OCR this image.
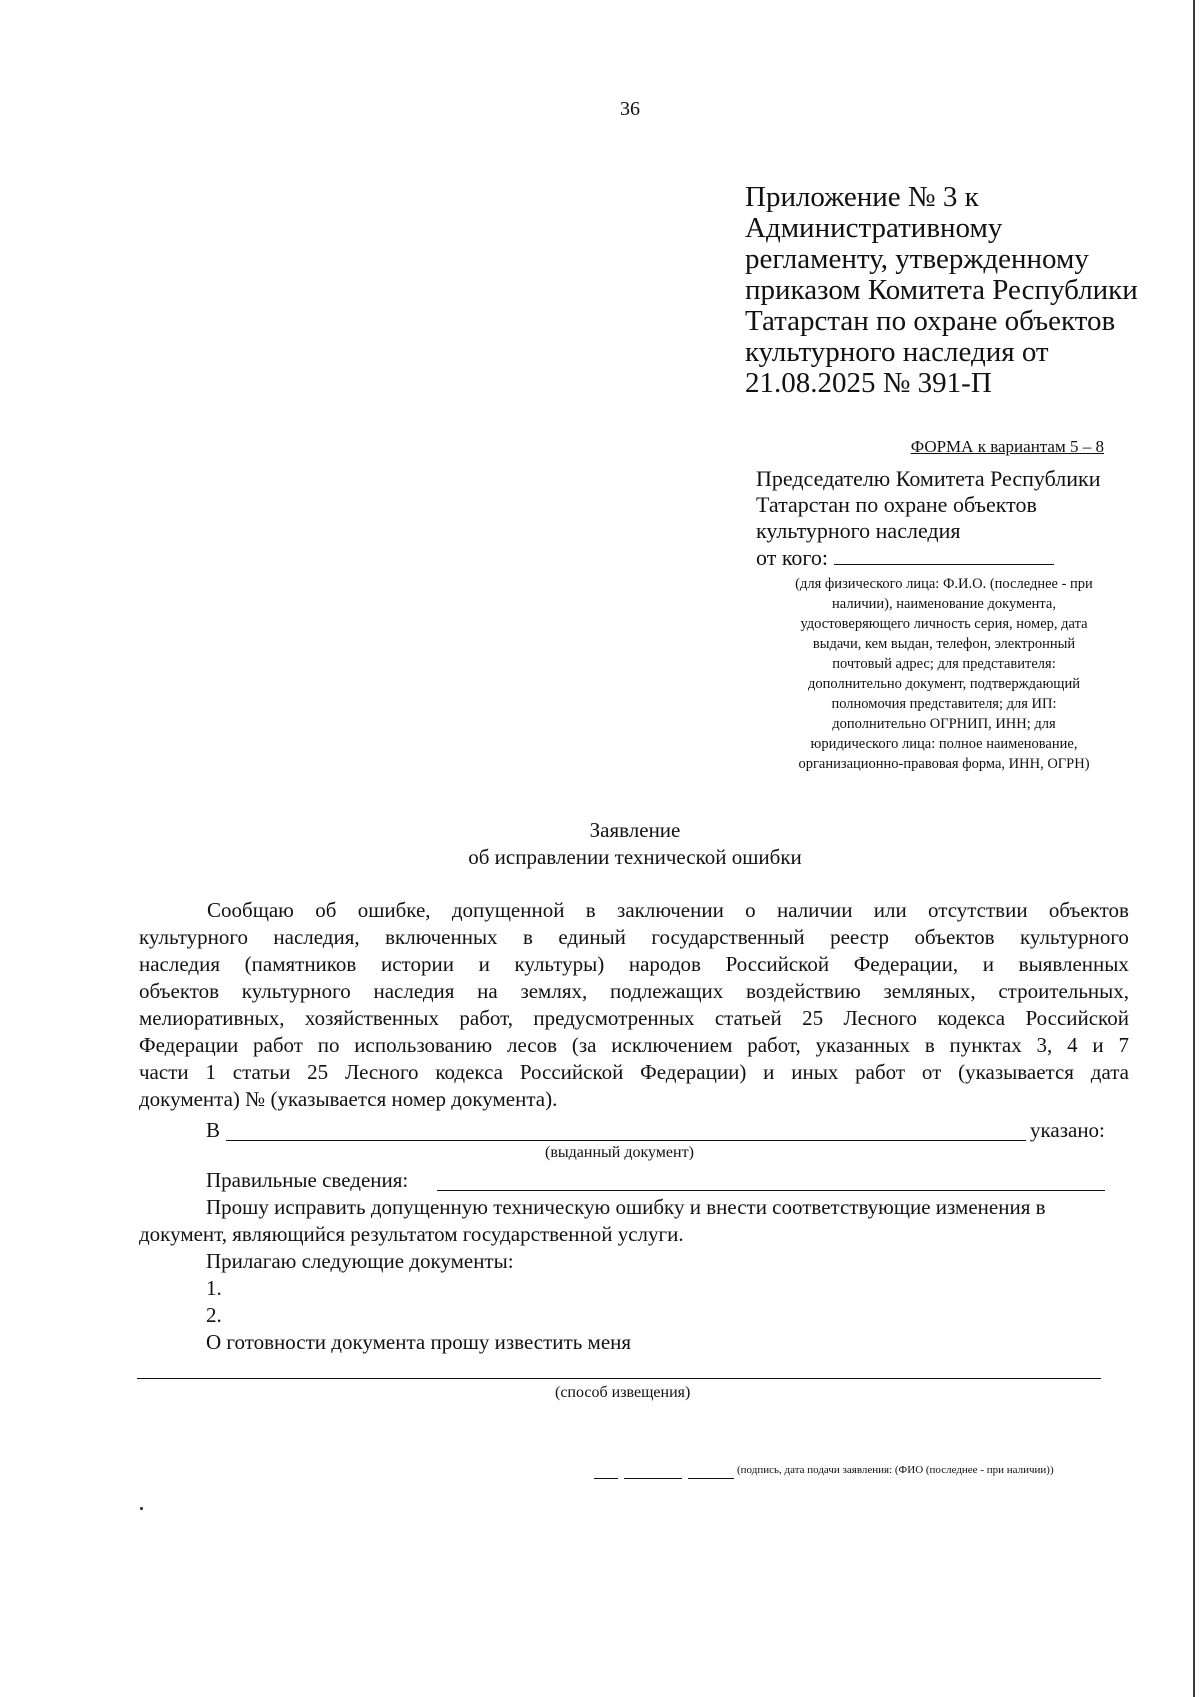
36
Приложение № 3 к
Административному
регламенту, утвержденному
приказом Комитета Республики
Татарстан по охране объектов
культурного наследия от
21.08.2025 № 391-П
ФОРМА к вариантам 5 – 8
Председателю Комитета Республики
Татарстан по охране объектов
культурного наследия
от кого:
(для физического лица: Ф.И.О. (последнее - при
наличии), наименование документа,
удостоверяющего личность серия, номер, дата
выдачи, кем выдан, телефон, электронный
почтовый адрес; для представителя:
дополнительно документ, подтверждающий
полномочия представителя; для ИП:
дополнительно ОГРНИП, ИНН; для
юридического лица: полное наименование,
организационно-правовая форма, ИНН, ОГРН)
Заявление
об исправлении технической ошибки
Сообщаю об ошибке, допущенной в заключении о наличии или отсутствии объектов
культурного наследия, включенных в единый государственный реестр объектов культурного
наследия (памятников истории и культуры) народов Российской Федерации, и выявленных
объектов культурного наследия на землях, подлежащих воздействию земляных, строительных,
мелиоративных, хозяйственных работ, предусмотренных статьей 25 Лесного кодекса Российской
Федерации работ по использованию лесов (за исключением работ, указанных в пунктах 3, 4 и 7
части 1 статьи 25 Лесного кодекса Российской Федерации) и иных работ от (указывается дата
документа) № (указывается номер документа).
В	указано:
(выданный документ)
Правильные сведения:
Прошу исправить допущенную техническую ошибку и внести соответствующие изменения в
документ, являющийся результатом государственной услуги.
Прилагаю следующие документы:
1.
2.
О готовности документа прошу известить меня
(способ извещения)
(подпись, дата подачи заявления: (ФИО (последнее - при наличии))
